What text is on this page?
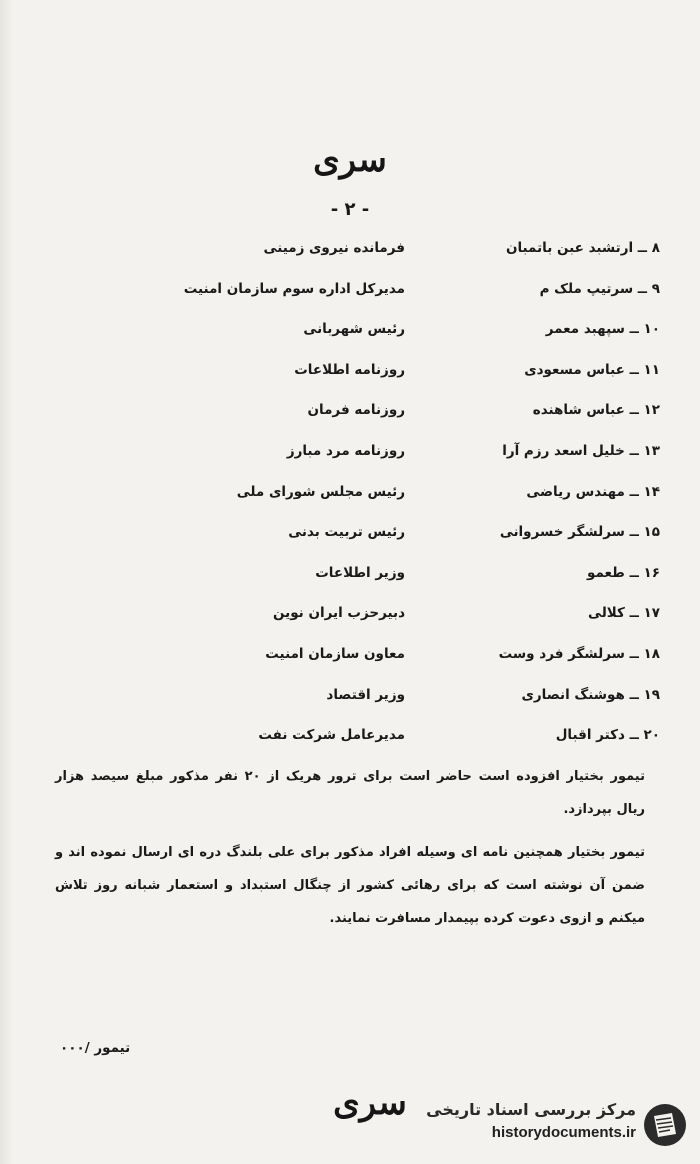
سری
- ۲ -
۸ ــ ارتشبد عبن باتمبان
فرمانده نیروی زمینی
۹ ــ سرتیپ ملک م
مدیرکل اداره سوم سازمان امنیت
۱۰ ــ سپهبد معمر
رئیس شهربانی
۱۱ ــ عباس مسعودی
روزنامه اطلاعات
۱۲ ــ عباس شاهنده
روزنامه فرمان
۱۳ ــ خلیل اسعد رزم آرا
روزنامه مرد مبارز
۱۴ ــ مهندس ریاضی
رئیس مجلس شورای ملی
۱۵ ــ سرلشگر خسروانی
رئیس تربیت بدنی
۱۶ ــ طعمو
وزیر اطلاعات
۱۷ ــ کلالی
دبیرحزب ایران نوین
۱۸ ــ سرلشگر فرد وست
معاون سازمان امنیت
۱۹ ــ هوشنگ انصاری
وزیر اقتصاد
۲۰ ــ دکتر اقبال
مدیرعامل شرکت نفت
تیمور بختیار افزوده است حاضر است برای ترور هریک از ۲۰ نفر مذکور مبلغ سیصد هزار ریال بپردازد.
تیمور بختیار همچنین نامه ای وسیله افراد مذکور برای علی بلندگ دره ای ارسال نموده اند و ضمن آن نوشته است که برای رهائی کشور از چنگال استبداد و استعمار شبانه روز تلاش میکنم و ازوی دعوت کرده بپیمدار مسافرت نمایند.
تیمور /۰۰۰
سری	مرکز بررسی اسناد تاریخی
historydocuments.ir
